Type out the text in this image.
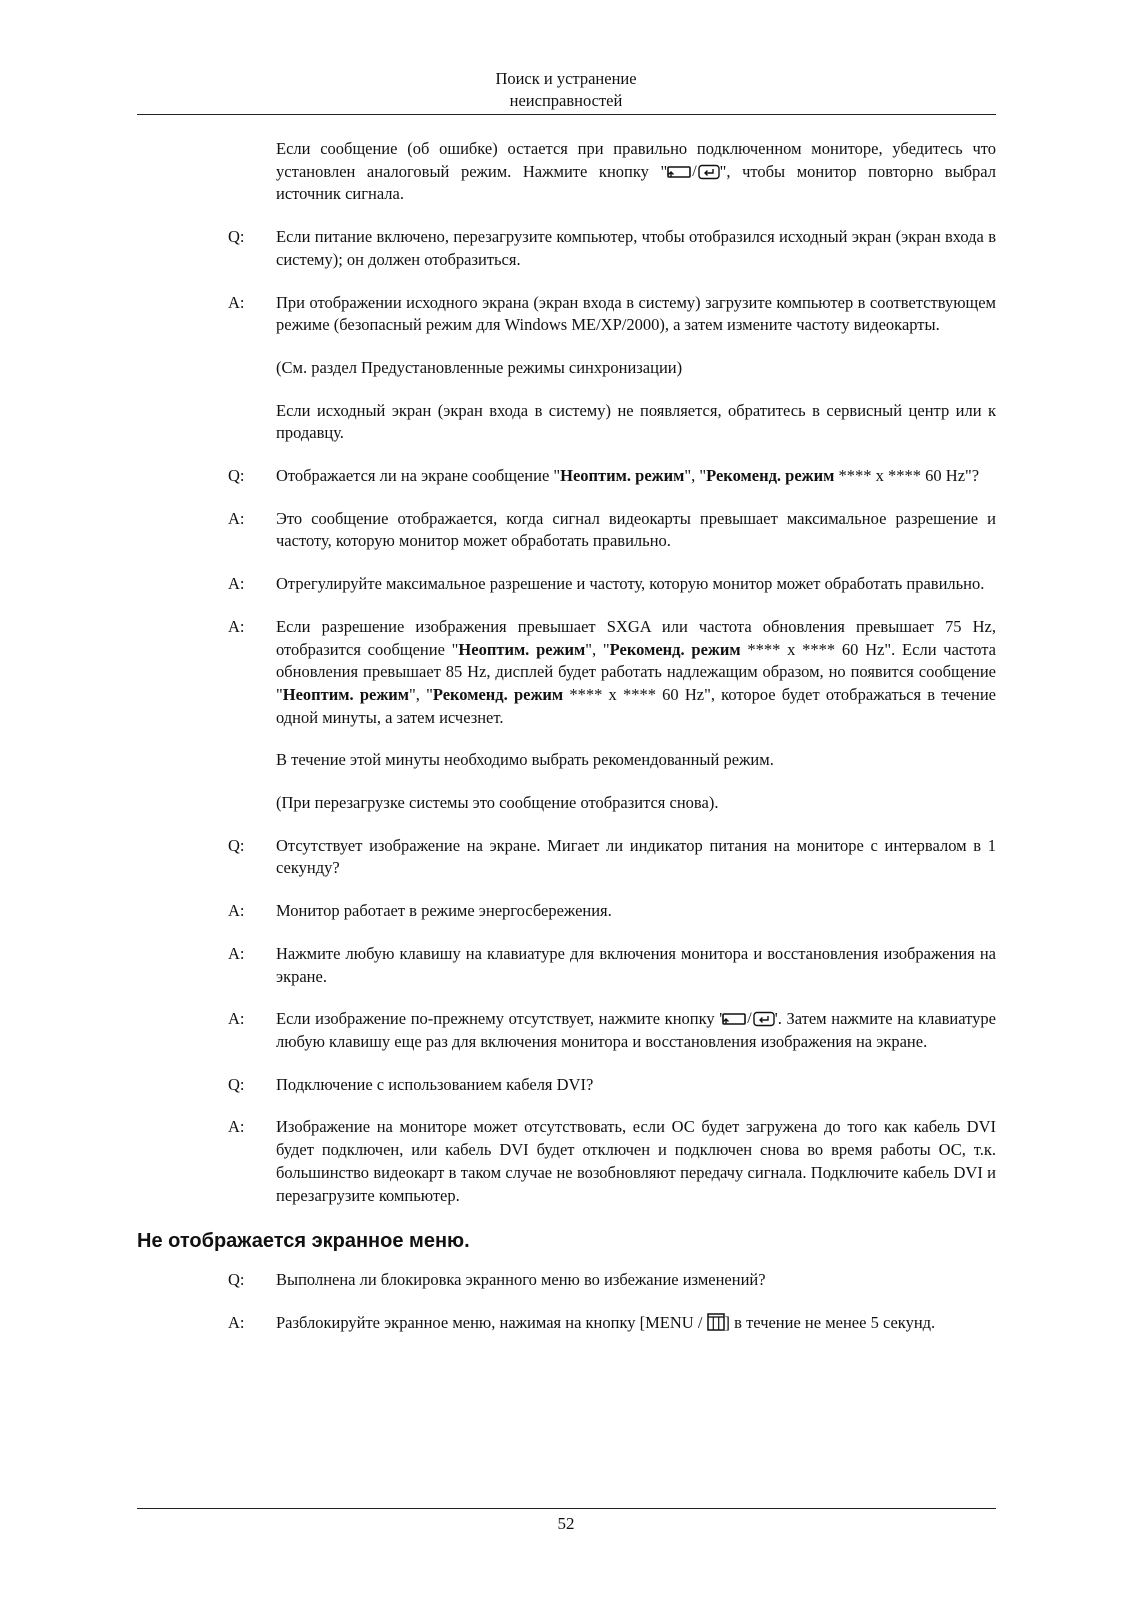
Поиск и устранение
неисправностей
Если сообщение (об ошибке) остается при правильно подключенном мониторе, убедитесь что установлен аналоговый режим. Нажмите кнопку " / ", чтобы монитор повторно выбрал источник сигнала.
Q:	Если питание включено, перезагрузите компьютер, чтобы отобразился исходный экран (экран входа в систему); он должен отобразиться.
A:	При отображении исходного экрана (экран входа в систему) загрузите компьютер в соответствующем режиме (безопасный режим для Windows ME/XP/2000), а затем измените частоту видеокарты.
(См. раздел Предустановленные режимы синхронизации)
Если исходный экран (экран входа в систему) не появляется, обратитесь в сервисный центр или к продавцу.
Q:	Отображается ли на экране сообщение "Неоптим. режим", "Рекоменд. режим **** x **** 60 Hz"?
A:	Это сообщение отображается, когда сигнал видеокарты превышает максимальное разрешение и частоту, которую монитор может обработать правильно.
A:	Отрегулируйте максимальное разрешение и частоту, которую монитор может обработать правильно.
A:	Если разрешение изображения превышает SXGA или частота обновления превышает 75 Hz, отобразится сообщение "Неоптим. режим", "Рекоменд. режим **** x **** 60 Hz". Если частота обновления превышает 85 Hz, дисплей будет работать надлежащим образом, но появится сообщение "Неоптим. режим", "Рекоменд. режим **** x **** 60 Hz", которое будет отображаться в течение одной минуты, а затем исчезнет.
В течение этой минуты необходимо выбрать рекомендованный режим.
(При перезагрузке системы это сообщение отобразится снова).
Q:	Отсутствует изображение на экране. Мигает ли индикатор питания на мониторе с интервалом в 1 секунду?
A:	Монитор работает в режиме энергосбережения.
A:	Нажмите любую клавишу на клавиатуре для включения монитора и восстановления изображения на экране.
A:	Если изображение по-прежнему отсутствует, нажмите кнопку ' / '. Затем нажмите на клавиатуре любую клавишу еще раз для включения монитора и восстановления изображения на экране.
Q:	Подключение с использованием кабеля DVI?
A:	Изображение на мониторе может отсутствовать, если ОС будет загружена до того как кабель DVI будет подключен, или кабель DVI будет отключен и подключен снова во время работы ОС, т.к. большинство видеокарт в таком случае не возобновляют передачу сигнала. Подключите кабель DVI и перезагрузите компьютер.
Не отображается экранное меню.
Q:	Выполнена ли блокировка экранного меню во избежание изменений?
A:	Разблокируйте экранное меню, нажимая на кнопку [MENU /
] в течение не менее 5 секунд.
52
